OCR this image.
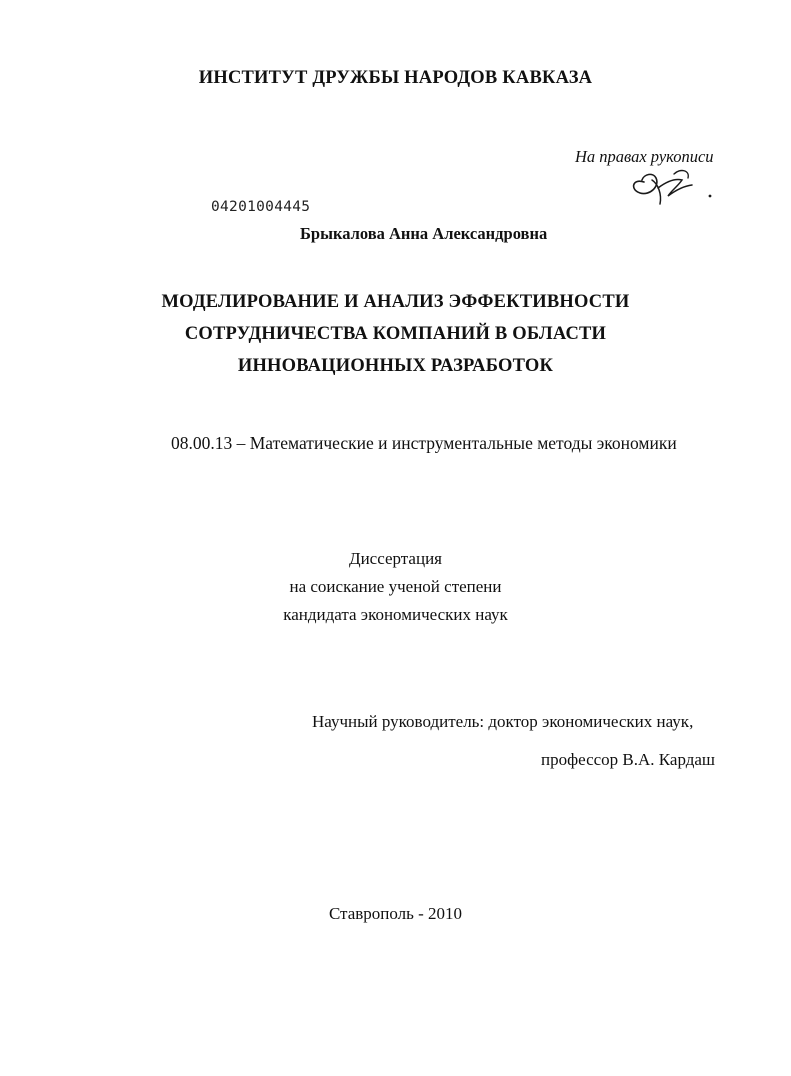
ИНСТИТУТ ДРУЖБЫ НАРОДОВ КАВКАЗА
На правах рукописи
04201004445
Брыкалова Анна Александровна
МОДЕЛИРОВАНИЕ И АНАЛИЗ ЭФФЕКТИВНОСТИ
СОТРУДНИЧЕСТВА КОМПАНИЙ В ОБЛАСТИ
ИННОВАЦИОННЫХ РАЗРАБОТОК
08.00.13 – Математические и инструментальные методы экономики
Диссертация
на соискание ученой степени
кандидата экономических наук
Научный руководитель: доктор экономических наук,
профессор В.А. Кардаш
Ставрополь - 2010
